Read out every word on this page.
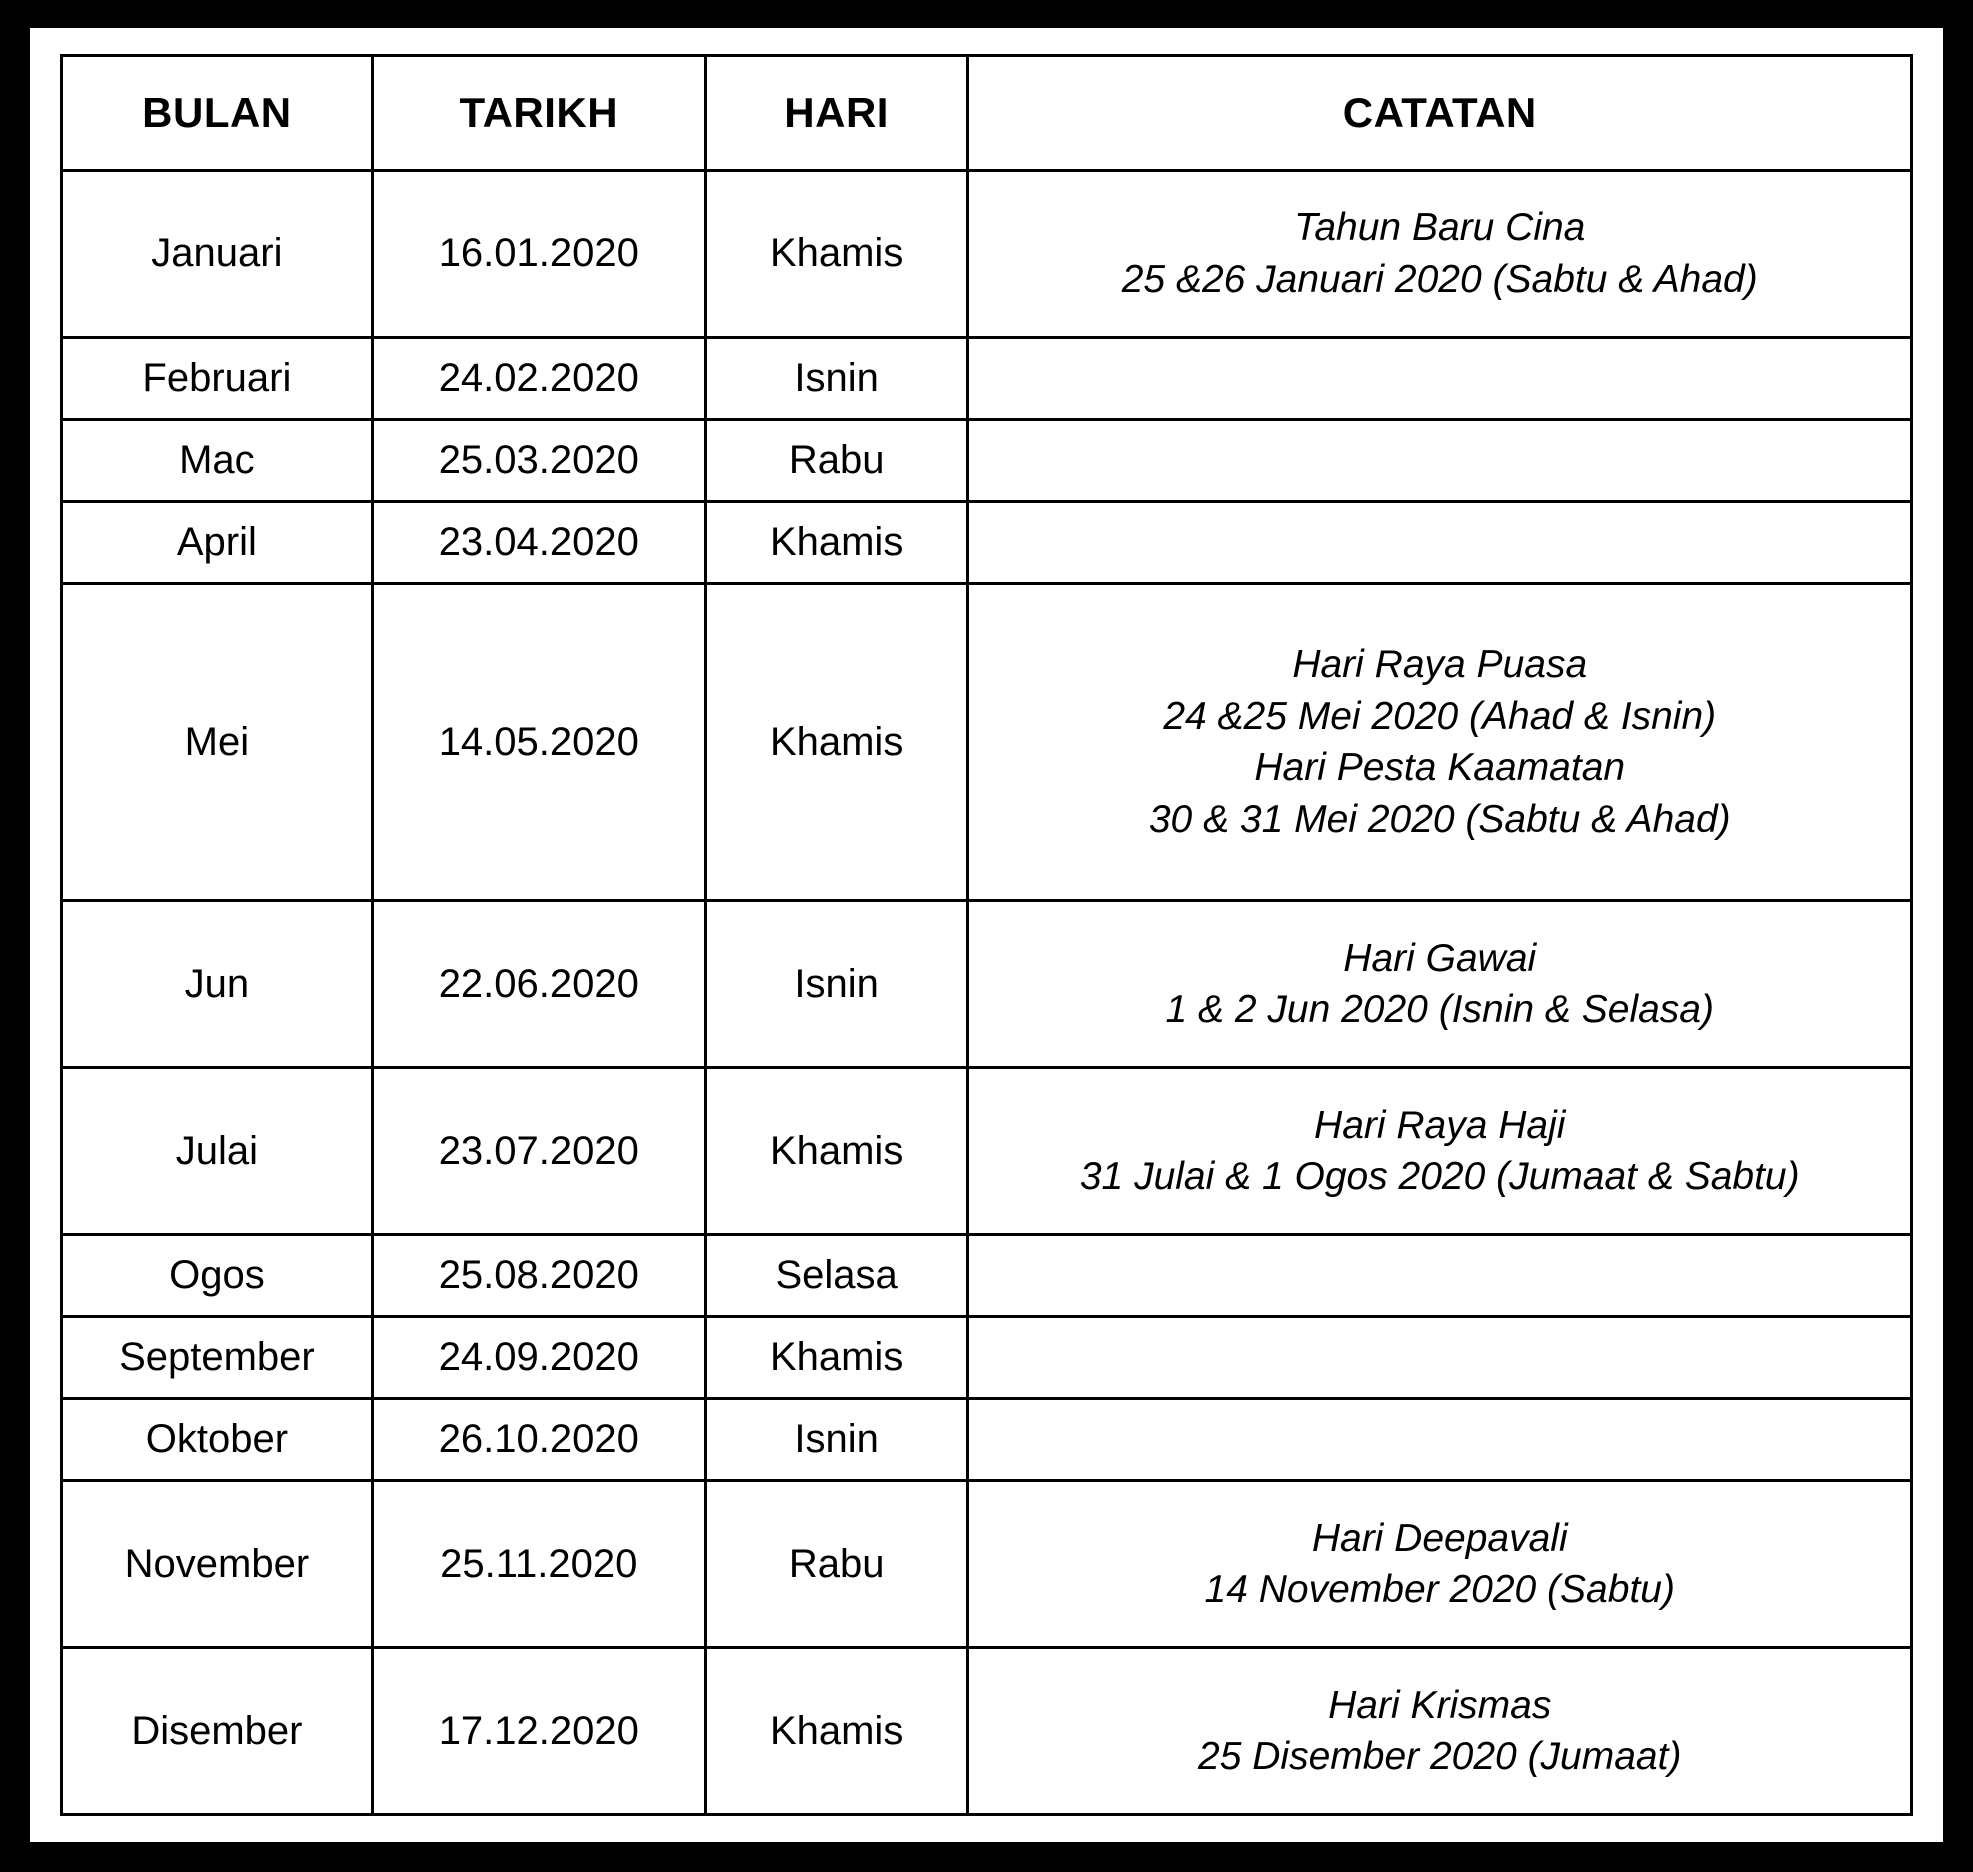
BULAN	TARIKH	HARI	CATATAN
Januari	16.01.2020	Khamis	Tahun Baru Cina
25 &26 Januari 2020 (Sabtu & Ahad)

Februari	24.02.2020	Isnin	
Mac	25.03.2020	Rabu	
April	23.04.2020	Khamis	
Mei	14.05.2020	Khamis	Hari Raya Puasa
24 &25 Mei 2020 (Ahad & Isnin)
Hari Pesta Kaamatan
30 & 31 Mei 2020 (Sabtu & Ahad)

Jun	22.06.2020	Isnin	Hari Gawai
1 & 2 Jun 2020 (Isnin & Selasa)

Julai	23.07.2020	Khamis	Hari Raya Haji
31 Julai & 1 Ogos 2020 (Jumaat & Sabtu)

Ogos	25.08.2020	Selasa	
September	24.09.2020	Khamis	
Oktober	26.10.2020	Isnin	
November	25.11.2020	Rabu	Hari Deepavali
14 November 2020 (Sabtu)

Disember	17.12.2020	Khamis	Hari Krismas
25 Disember 2020 (Jumaat)
